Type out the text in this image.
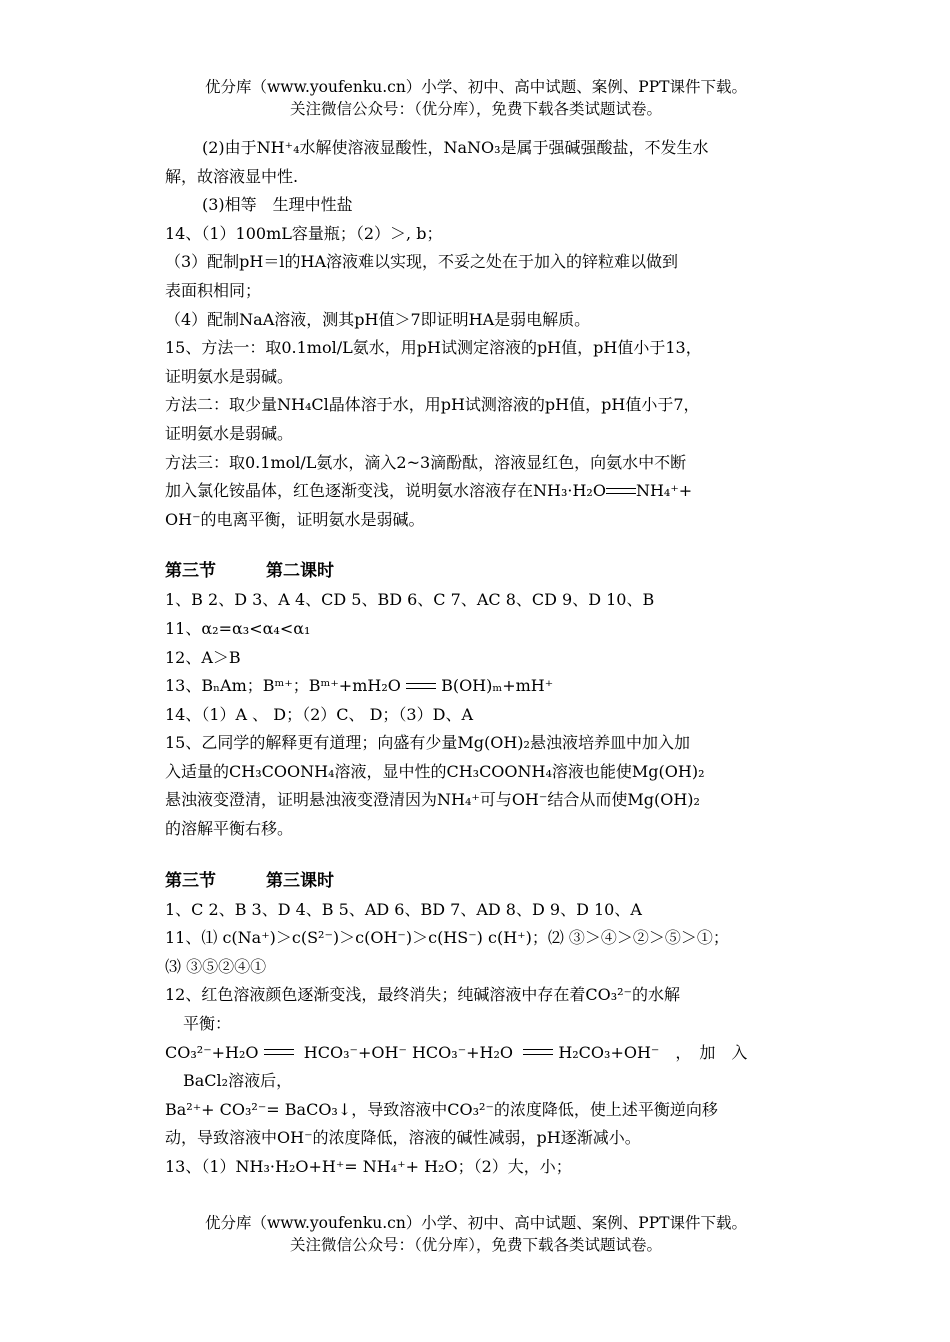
优分库（www.youfenku.cn）小学、初中、高中试题、案例、PPT课件下载。
关注微信公众号：（优分库），免费下载各类试题试卷。
(2)由于NH⁺₄水解使溶液显酸性，NaNO₃是属于强碱强酸盐，不发生水
解，故溶液显中性.
(3)相等　生理中性盐
14、（1）100mL容量瓶；（2）＞, b；
（3）配制pH＝l的HA溶液难以实现，不妥之处在于加入的锌粒难以做到
表面积相同；
（4）配制NaA溶液，测其pH值＞7即证明HA是弱电解质。
15、方法一：取0.1mol/L氨水，用pH试测定溶液的pH值，pH值小于13，
证明氨水是弱碱。
方法二：取少量NH₄Cl晶体溶于水，用pH试测溶液的pH值，pH值小于7，
证明氨水是弱碱。
方法三：取0.1mol/L氨水，滴入2~3滴酚酞，溶液显红色，向氨水中不断
加入氯化铵晶体，红色逐渐变浅，说明氨水溶液存在NH₃·H₂O NH₄⁺+
OH⁻的电离平衡，证明氨水是弱碱。
第三节	第二课时
1、B 2、D 3、A 4、CD 5、BD 6、C 7、AC 8、CD 9、D 10、B
11、α₂=α₃<α₄<α₁
12、A＞B
13、BₙAm；Bᵐ⁺；Bᵐ⁺+mH₂O	B(OH)ₘ+mH⁺
14、（1）A 、 D；（2）C、 D；（3）D、A
15、乙同学的解释更有道理；向盛有少量Mg(OH)₂悬浊液培养皿中加入加
入适量的CH₃COONH₄溶液，显中性的CH₃COONH₄溶液也能使Mg(OH)₂
悬浊液变澄清，证明悬浊液变澄清因为NH₄⁺可与OH⁻结合从而使Mg(OH)₂
的溶解平衡右移。
第三节	第三课时
1、C 2、B 3、D 4、B 5、AD 6、BD 7、AD 8、D 9、D 10、A
11、⑴ c(Na⁺)＞c(S²⁻)＞c(OH⁻)＞c(HS⁻) c(H⁺)；⑵ ③＞④＞②＞⑤＞①；
⑶ ③⑤②④①
12、红色溶液颜色逐渐变浅，最终消失；纯碱溶液中存在着CO₃²⁻的水解
平衡：
CO₃²⁻+H₂O	HCO₃⁻+OH⁻ HCO₃⁻+H₂O	H₂CO₃+OH⁻　，　加　入
BaCl₂溶液后，
Ba²⁺+ CO₃²⁻= BaCO₃↓，导致溶液中CO₃²⁻的浓度降低，使上述平衡逆向移
动，导致溶液中OH⁻的浓度降低，溶液的碱性减弱，pH逐渐减小。
13、（1）NH₃·H₂O+H⁺= NH₄⁺+ H₂O；（2）大，小；
优分库（www.youfenku.cn）小学、初中、高中试题、案例、PPT课件下载。
关注微信公众号：（优分库），免费下载各类试题试卷。
